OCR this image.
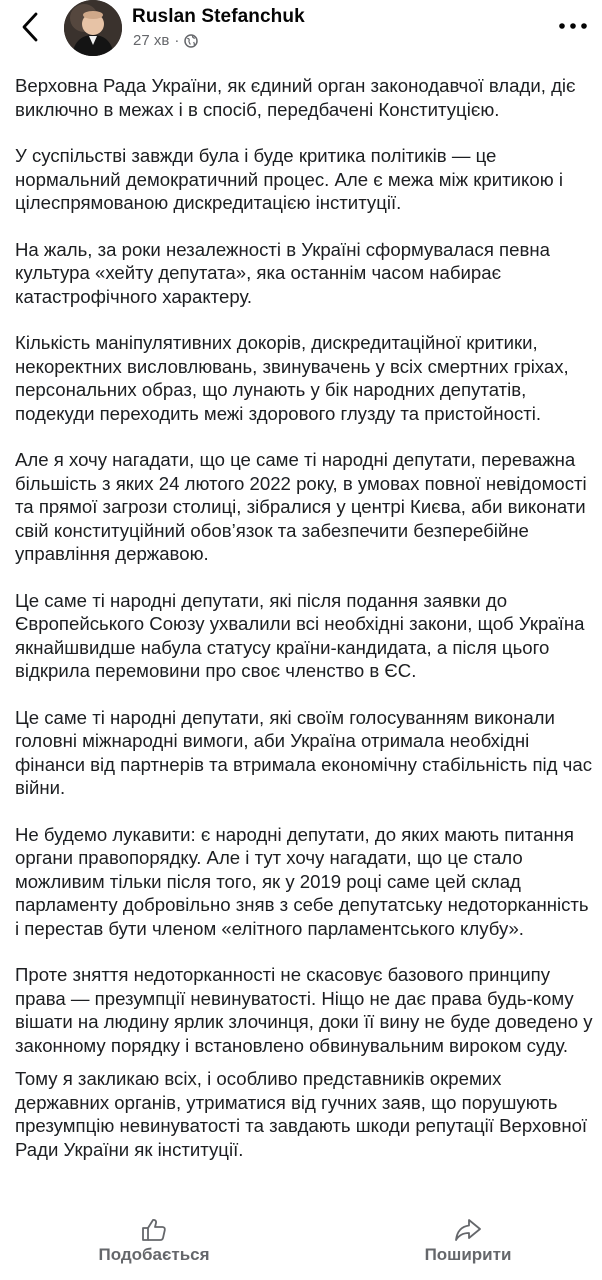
Ruslan Stefanchuk
27 хв ·

Верховна Рада України, як єдиний орган законодавчої влади, діє виключно в межах і в спосіб, передбачені Конституцією.

У суспільстві завжди була і буде критика політиків — це нормальний демократичний процес. Але є межа між критикою і цілеспрямованою дискредитацією інституції.

На жаль, за роки незалежності в Україні сформувалася певна культура «хейту депутата», яка останнім часом набирає катастрофічного характеру.

Кількість маніпулятивних докорів, дискредитаційної критики, некоректних висловлювань, звинувачень у всіх смертних гріхах, персональних образ, що лунають у бік народних депутатів, подекуди переходить межі здорового глузду та пристойності.

Але я хочу нагадати, що це саме ті народні депутати, переважна більшість з яких 24 лютого 2022 року, в умовах повної невідомості та прямої загрози столиці, зібралися у центрі Києва, аби виконати свій конституційний обов’язок та забезпечити безперебійне управління державою.

Це саме ті народні депутати, які після подання заявки до Європейського Союзу ухвалили всі необхідні закони, щоб Україна якнайшвидше набула статусу країни-кандидата, а після цього відкрила перемовини про своє членство в ЄС.

Це саме ті народні депутати, які своїм голосуванням виконали головні міжнародні вимоги, аби Україна отримала необхідні фінанси від партнерів та втримала економічну стабільність під час війни.

Не будемо лукавити: є народні депутати, до яких мають питання органи правопорядку. Але і тут хочу нагадати, що це стало можливим тільки після того, як у 2019 році саме цей склад парламенту добровільно зняв з себе депутатську недоторканність і перестав бути членом «елітного парламентського клубу».

Проте зняття недоторканності не скасовує базового принципу права — презумпції невинуватості. Ніщо не дає права будь-кому вішати на людину ярлик злочинця, доки її вину не буде доведено у законному порядку і встановлено обвинувальним вироком суду.

Тому я закликаю всіх, і особливо представників окремих державних органів, утриматися від гучних заяв, що порушують презумпцію невинуватості та завдають шкоди репутації Верховної Ради України як інституції.

Подобається	Поширити
